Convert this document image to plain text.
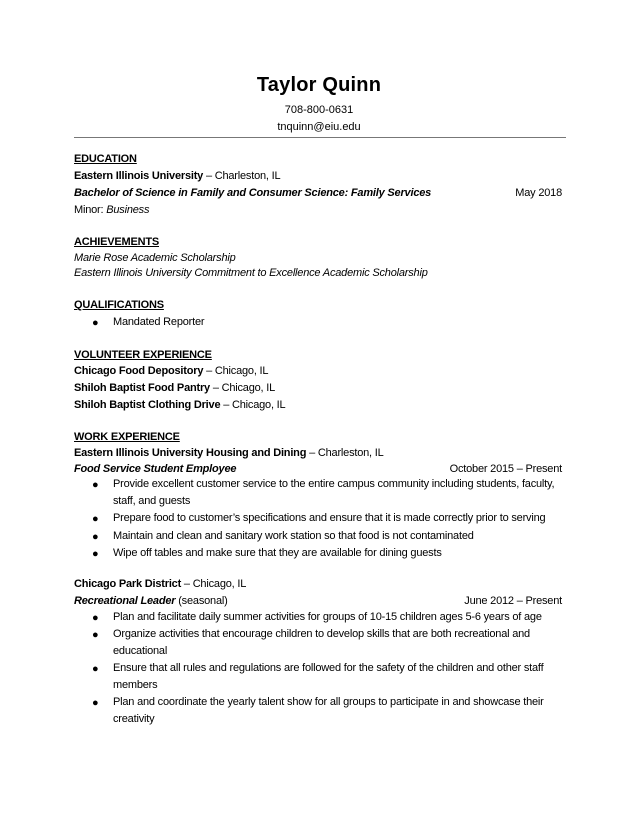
Taylor Quinn
708-800-0631
tnquinn@eiu.edu
EDUCATION
Eastern Illinois University – Charleston, IL
Bachelor of Science in Family and Consumer Science: Family Services	May 2018
Minor: Business
ACHIEVEMENTS
Marie Rose Academic Scholarship
Eastern Illinois University Commitment to Excellence Academic Scholarship
QUALIFICATIONS
● Mandated Reporter
VOLUNTEER EXPERIENCE
Chicago Food Depository – Chicago, IL
Shiloh Baptist Food Pantry – Chicago, IL
Shiloh Baptist Clothing Drive – Chicago, IL
WORK EXPERIENCE
Eastern Illinois University Housing and Dining – Charleston, IL
Food Service Student Employee	October 2015 – Present
● Provide excellent customer service to the entire campus community including students, faculty, staff, and guests
● Prepare food to customer’s specifications and ensure that it is made correctly prior to serving
● Maintain and clean and sanitary work station so that food is not contaminated
● Wipe off tables and make sure that they are available for dining guests
Chicago Park District – Chicago, IL
Recreational Leader (seasonal)	June 2012 – Present
● Plan and facilitate daily summer activities for groups of 10-15 children ages 5-6 years of age
● Organize activities that encourage children to develop skills that are both recreational and educational
● Ensure that all rules and regulations are followed for the safety of the children and other staff members
● Plan and coordinate the yearly talent show for all groups to participate in and showcase their creativity
